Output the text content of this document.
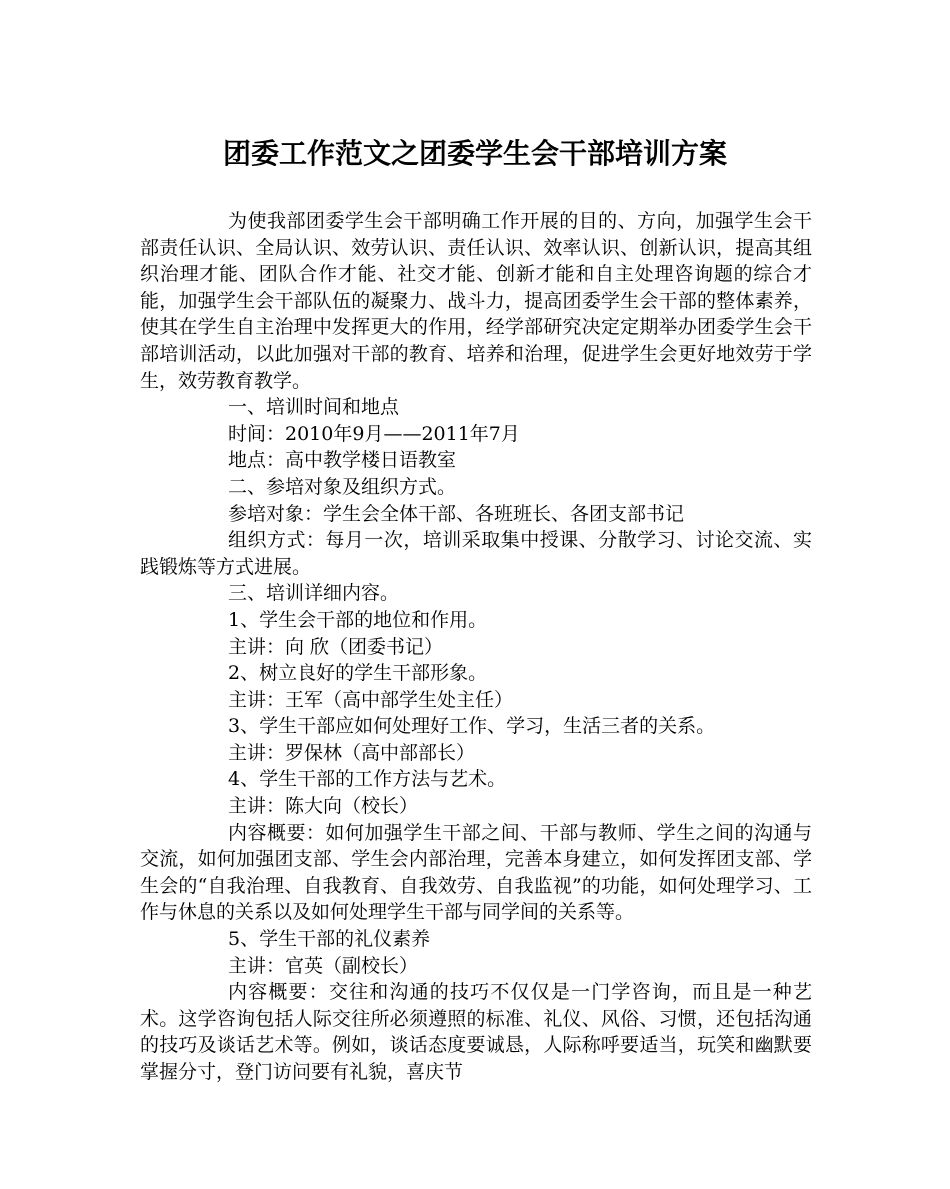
团委工作范文之团委学生会干部培训方案

为使我部团委学生会干部明确工作开展的目的、方向，加强学生会干部责任认识、全局认识、效劳认识、责任认识、效率认识、创新认识，提高其组织治理才能、团队合作才能、社交才能、创新才能和自主处理咨询题的综合才能，加强学生会干部队伍的凝聚力、战斗力，提高团委学生会干部的整体素养，使其在学生自主治理中发挥更大的作用，经学部研究决定定期举办团委学生会干部培训活动，以此加强对干部的教育、培养和治理，促进学生会更好地效劳于学生，效劳教育教学。

一、培训时间和地点

时间：2010年9月——2011年7月

地点：高中教学楼日语教室

二、参培对象及组织方式。

参培对象：学生会全体干部、各班班长、各团支部书记

组织方式：每月一次，培训采取集中授课、分散学习、讨论交流、实践锻炼等方式进展。

三、培训详细内容。

1、学生会干部的地位和作用。

主讲：向 欣（团委书记）

2、树立良好的学生干部形象。

主讲：王军（高中部学生处主任）

3、学生干部应如何处理好工作、学习，生活三者的关系。

主讲：罗保林（高中部部长）

4、学生干部的工作方法与艺术。

主讲：陈大向（校长）

内容概要：如何加强学生干部之间、干部与教师、学生之间的沟通与交流，如何加强团支部、学生会内部治理，完善本身建立，如何发挥团支部、学生会的“自我治理、自我教育、自我效劳、自我监视”的功能，如何处理学习、工作与休息的关系以及如何处理学生干部与同学间的关系等。

5、学生干部的礼仪素养

主讲：官英（副校长）

内容概要：交往和沟通的技巧不仅仅是一门学咨询，而且是一种艺术。这学咨询包括人际交往所必须遵照的标准、礼仪、风俗、习惯，还包括沟通的技巧及谈话艺术等。例如，谈话态度要诚恳，人际称呼要适当，玩笑和幽默要掌握分寸，登门访问要有礼貌，喜庆节
